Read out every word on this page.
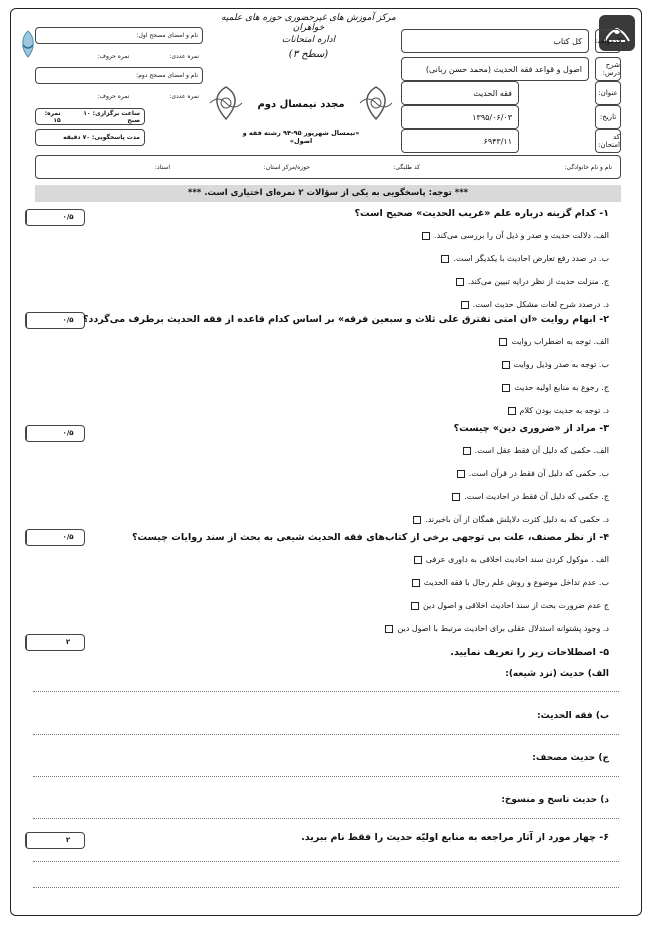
کدمؤلف:
کل کتاب
شرح درس:
اصول و قواعد فقه الحدیث (محمد حسن ربانی)
عنوان:
فقه الحدیث
تاریخ:
۱۳۹۵/۰۶/۰۳
کد امتحان:
۶۹۴۳/۱۱
مرکز آموزش های غیرحضوری حوزه های علمیه خواهران
اداره امتحانات
(سطح ۳)
مجدد نیمسال دوم
«نیمسال شهریور ۹۵-۹۴ رشته فقه و اصول»
نام و امضای مصحح اول:
نمره عددی:
نمره حروف:
نام و امضای مصحح دوم:
نمره عددی:
نمره حروف:
ساعت برگزاری: ۱۰ صبح
نمره: ۱۵
مدت پاسخگویی: ۷۰ دقیقه
نام و نام خانوادگی:
کد طلبگی:
حوزه/مرکز استان:
استاد:
*** توجه: پاسخگویی به یکی از سؤالات ۲ نمره‌ای اختیاری است. ***
۰/۵	۱- کدام گزینه درباره علم «غریب الحدیث» صحیح است؟
الف. دلالت حدیث و صدر و ذیل آن را بررسی می‌کند.
ب. در صدد رفع تعارض احادیث با یکدیگر است.
ج. منزلت حدیث از نظر درایه تبیین می‌کند.
د. درصدد شرح لغات مشکل حدیث است.
۰/۵ ۲- ابهام روایت «ان امتی تفترق علی ثلاث و سبعین فرقه» بر اساس کدام قاعده از فقه الحدیث برطرف می‌گردد؟
الف. توجه به اضطراب روایت
ب. توجه به صدر وذیل روایت
ج. رجوع به منابع اولیه حدیث
د. توجه به حدیث بودن کلام
۰/۵	۳- مراد از «ضروری دین» چیست؟
الف. حکمی که دلیل آن فقط عقل است.
ب. حکمی که دلیل آن فقط در قرآن است.
ج. حکمی که دلیل آن فقط در احادیث است.
د. حکمی که به دلیل کثرت دلایلش همگان از آن باخبرند.
۰/۵	۴- از نظر مصنف، علت بی توجهی برخی از کتاب‌های فقه الحدیث شیعی به بحث از سند روایات چیست؟
الف . موکول کردن سند احادیث اخلاقی به داوری عرفی
ب. عدم تداخل موضوع و روش علم رجال با فقه الحدیث
ج عدم ضرورت بحث از سند احادیث اخلاقی و اصول دین
د. وجود پشتوانه استدلال عقلی برای احادیث مرتبط با اصول دین
۲
۵- اصطلاحات زیر را تعریف نمایید.
الف) حدیث (نزد شیعه):
ب) فقه الحدیث:
ج) حدیث مصحف:
د) حدیث ناسخ و منسوخ:
۲	۶- چهار مورد از آثار مراجعه به منابع اولیّه حدیث را فقط نام ببرید.
